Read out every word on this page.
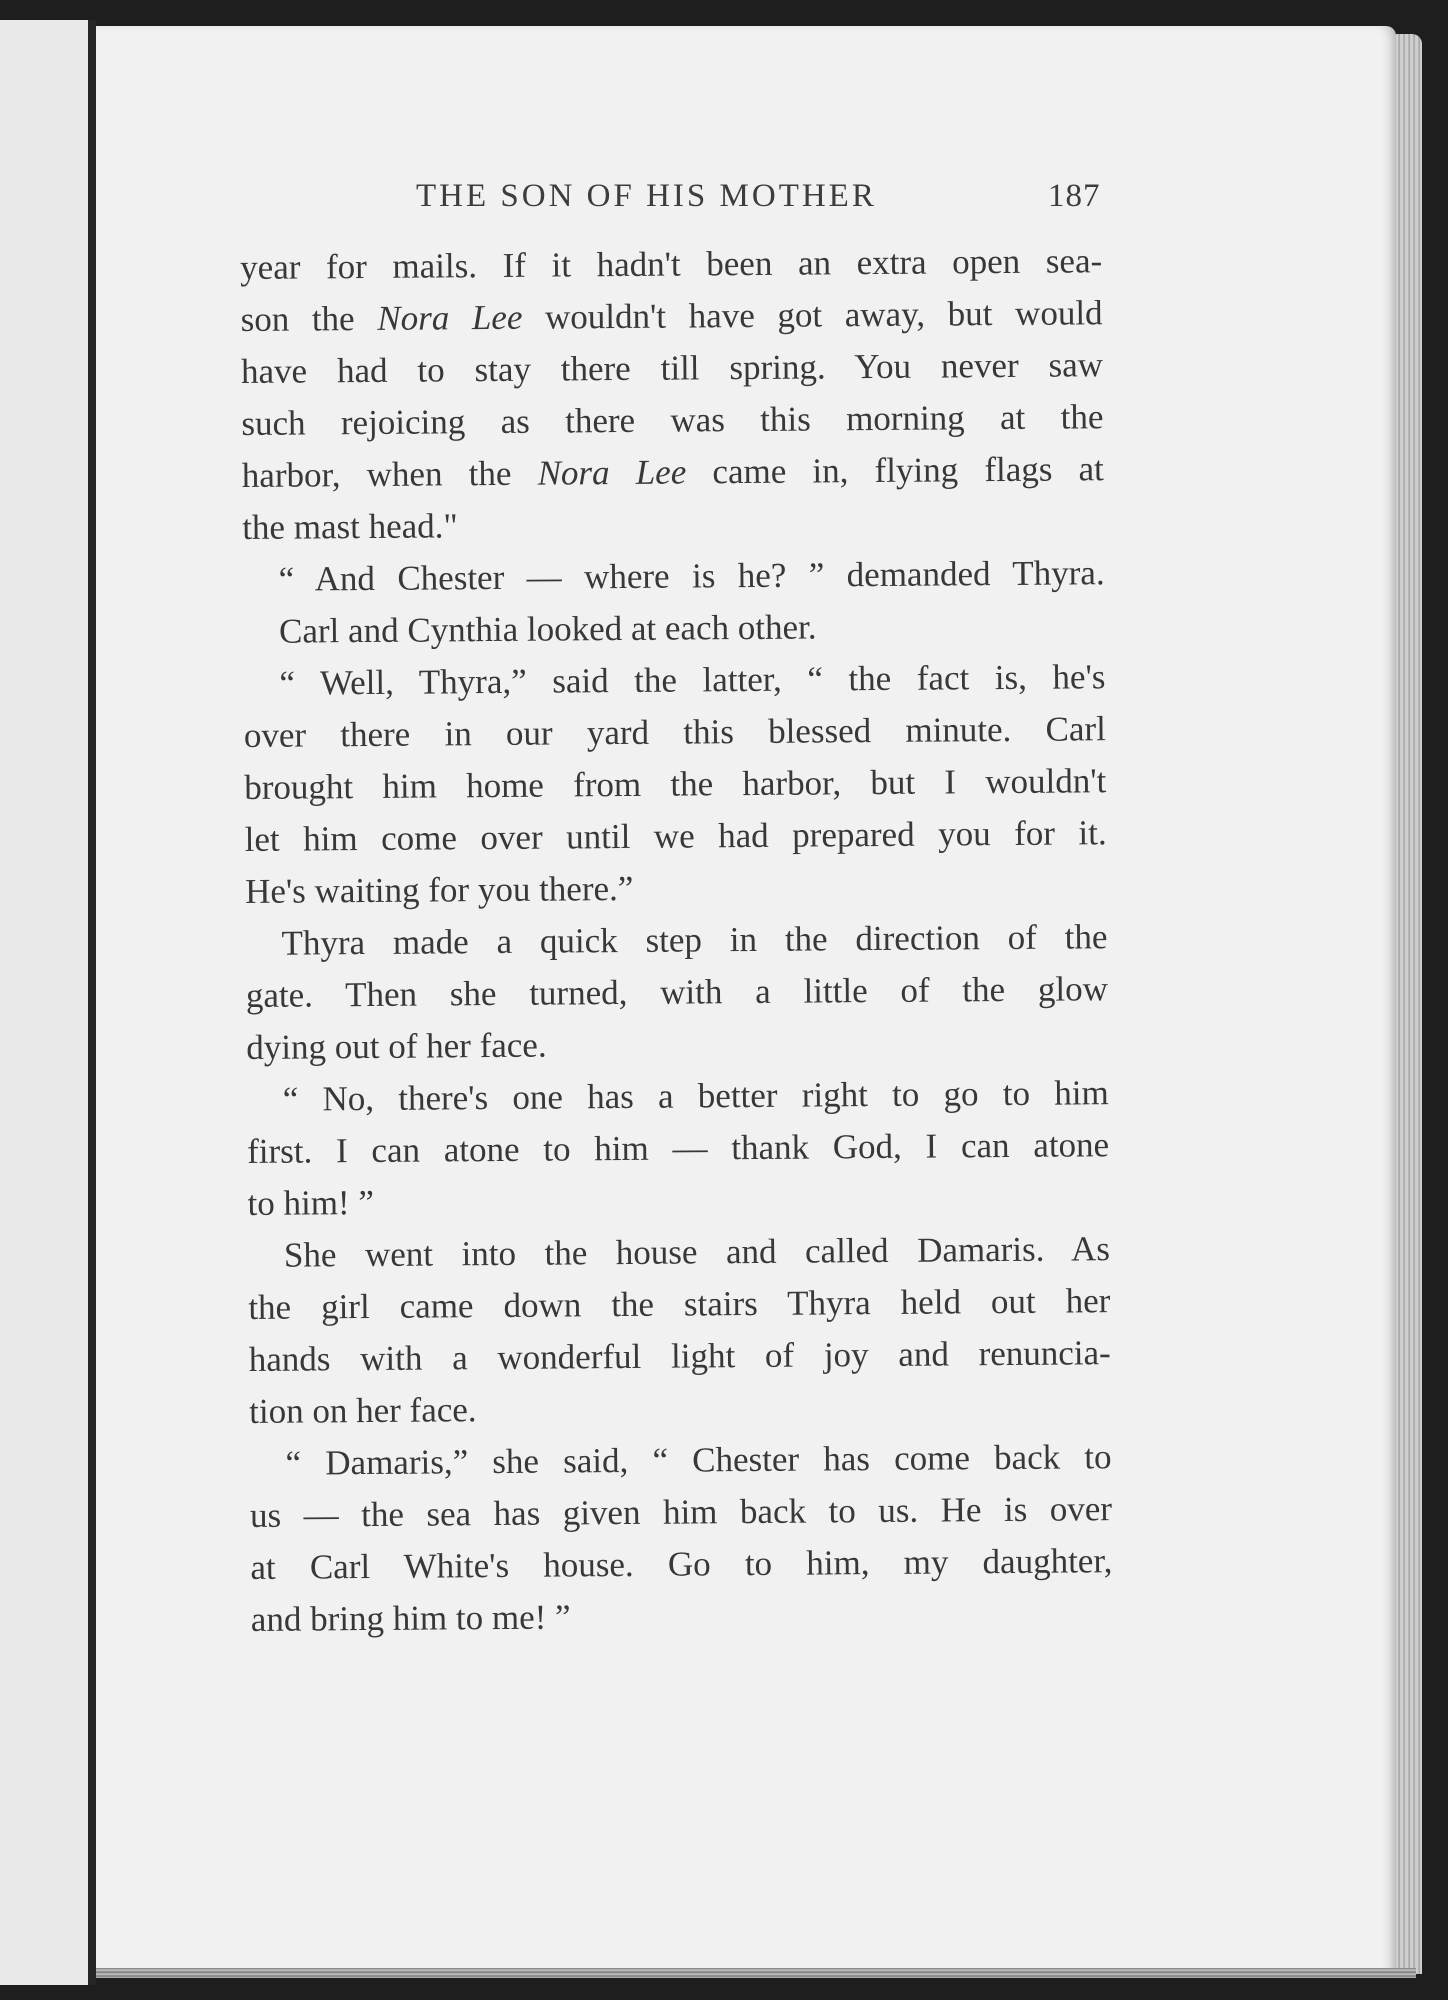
THE SON OF HIS MOTHER	187
year for mails. If it hadn't been an extra open sea-
son the Nora Lee wouldn't have got away, but would
have had to stay there till spring. You never saw
such rejoicing as there was this morning at the
harbor, when the Nora Lee came in, flying flags at
the mast head."
“ And Chester — where is he? ” demanded Thyra.
Carl and Cynthia looked at each other.
“ Well, Thyra,” said the latter, “ the fact is, he's
over there in our yard this blessed minute. Carl
brought him home from the harbor, but I wouldn't
let him come over until we had prepared you for it.
He's waiting for you there.”
Thyra made a quick step in the direction of the
gate. Then she turned, with a little of the glow
dying out of her face.
“ No, there's one has a better right to go to him
first. I can atone to him — thank God, I can atone
to him! ”
She went into the house and called Damaris. As
the girl came down the stairs Thyra held out her
hands with a wonderful light of joy and renuncia-
tion on her face.
“ Damaris,” she said, “ Chester has come back to
us — the sea has given him back to us. He is over
at Carl White's house. Go to him, my daughter,
and bring him to me! ”
